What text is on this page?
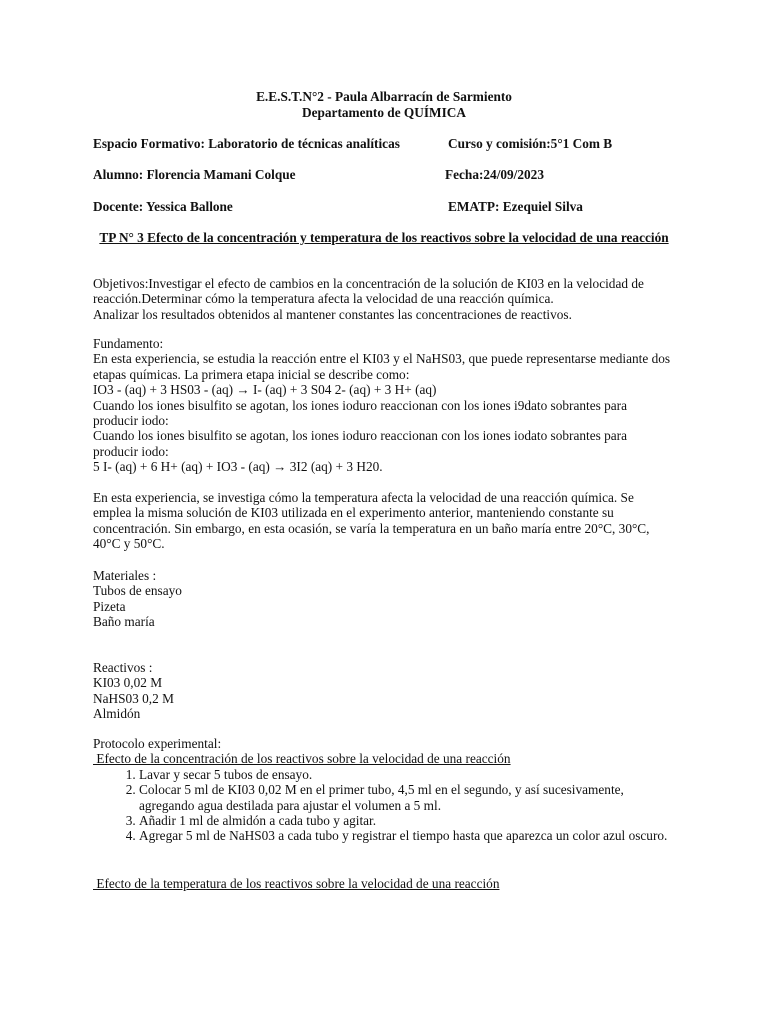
E.E.S.T.N°2 - Paula Albarracín de Sarmiento
Departamento de QUÍMICA
Espacio Formativo: Laboratorio de técnicas analíticas	Curso y comisión:5°1 Com B
Alumno: Florencia Mamani Colque	Fecha:24/09/2023
Docente: Yessica Ballone	EMATP: Ezequiel Silva
TP N° 3 Efecto de la concentración y temperatura de los reactivos sobre la velocidad de una reacción

Objetivos:Investigar el efecto de cambios en la concentración de la solución de KI03 en la velocidad de reacción.Determinar cómo la temperatura afecta la velocidad de una reacción química.

Analizar los resultados obtenidos al mantener constantes las concentraciones de reactivos.

Fundamento:

En esta experiencia, se estudia la reacción entre el KI03 y el NaHS03, que puede representarse mediante dos etapas químicas. La primera etapa inicial se describe como:

IO3 - (aq) + 3 HS03 - (aq) → I- (aq) + 3 S04 2- (aq) + 3 H+ (aq)

Cuando los iones bisulfito se agotan, los iones ioduro reaccionan con los iones i9dato sobrantes para producir iodo:

Cuando los iones bisulfito se agotan, los iones ioduro reaccionan con los iones iodato sobrantes para producir iodo:

5 I- (aq) + 6 H+ (aq) + IO3 - (aq) → 3I2 (aq) + 3 H20.

En esta experiencia, se investiga cómo la temperatura afecta la velocidad de una reacción química. Se emplea la misma solución de KI03 utilizada en el experimento anterior, manteniendo constante su concentración. Sin embargo, en esta ocasión, se varía la temperatura en un baño maría entre 20°C, 30°C, 40°C y 50°C.

Materiales :

Tubos de ensayo

Pizeta

Baño maría

Reactivos :

KI03 0,02 M

NaHS03 0,2 M

Almidón

Protocolo experimental:

Efecto de la concentración de los reactivos sobre la velocidad de una reacción

1. Lavar y secar 5 tubos de ensayo.
2. Colocar 5 ml de KI03 0,02 M en el primer tubo, 4,5 ml en el segundo, y así sucesivamente, agregando agua destilada para ajustar el volumen a 5 ml.
3. Añadir 1 ml de almidón a cada tubo y agitar.
4. Agregar 5 ml de NaHS03 a cada tubo y registrar el tiempo hasta que aparezca un color azul oscuro.
Efecto de la temperatura de los reactivos sobre la velocidad de una reacción
